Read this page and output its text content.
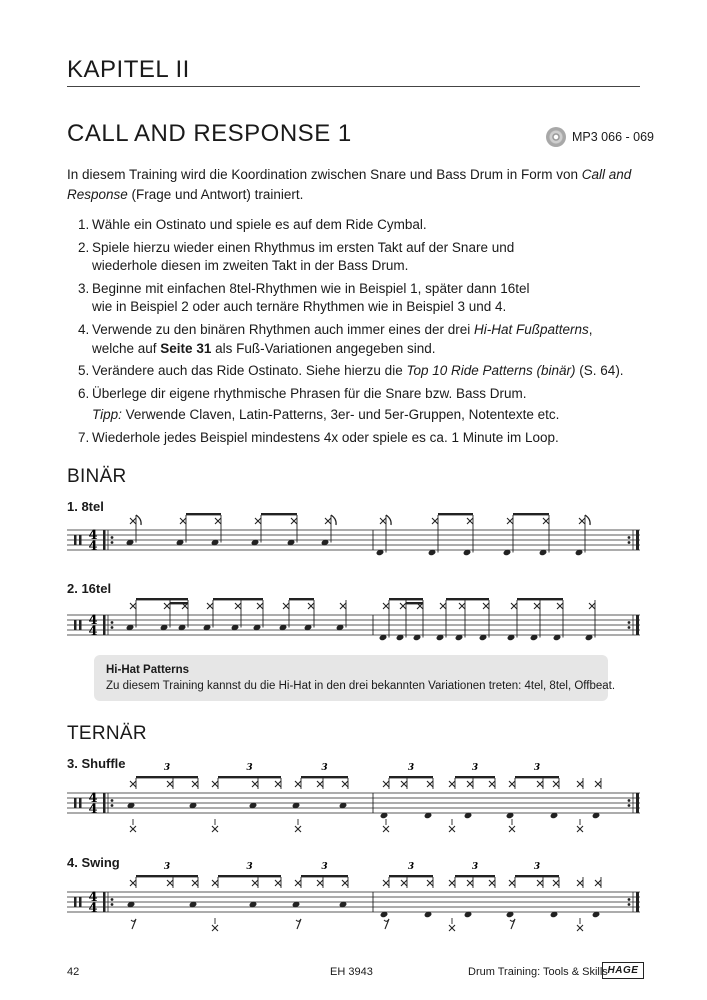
KAPITEL II
CALL AND RESPONSE 1	MP3 066 - 069
In diesem Training wird die Koordination zwischen Snare und Bass Drum in Form von Call and
Response (Frage und Antwort) trainiert.
1. Wähle ein Ostinato und spiele es auf dem Ride Cymbal.
2. Spiele hierzu wieder einen Rhythmus im ersten Takt auf der Snare und
wiederhole diesen im zweiten Takt in der Bass Drum.
3. Beginne mit einfachen 8tel-Rhythmen wie in Beispiel 1, später dann 16tel
wie in Beispiel 2 oder auch ternäre Rhythmen wie in Beispiel 3 und 4.
4. Verwende zu den binären Rhythmen auch immer eines der drei Hi-Hat Fußpatterns,
welche auf Seite 31 als Fuß-Variationen angegeben sind.
5. Verändere auch das Ride Ostinato. Siehe hierzu die Top 10 Ride Patterns (binär) (S. 64).
6. Überlege dir eigene rhythmische Phrasen für die Snare bzw. Bass Drum.
Tipp: Verwende Claven, Latin-Patterns, 3er- und 5er-Gruppen, Notentexte etc.
7. Wiederhole jedes Beispiel mindestens 4x oder spiele es ca. 1 Minute im Loop.
BINÄR
1. 8tel
2. 16tel
Hi-Hat Patterns
Zu diesem Training kannst du die Hi-Hat in den drei bekannten Variationen treten: 4tel, 8tel, Offbeat.
TERNÄR
3. Shuffle
4. Swing
4
4
4
4
4
4
3	3	3	3	3	3
4
4
3	3	3	3	3	3
42	EH 3943	Drum Training: Tools & Skills HAGE
